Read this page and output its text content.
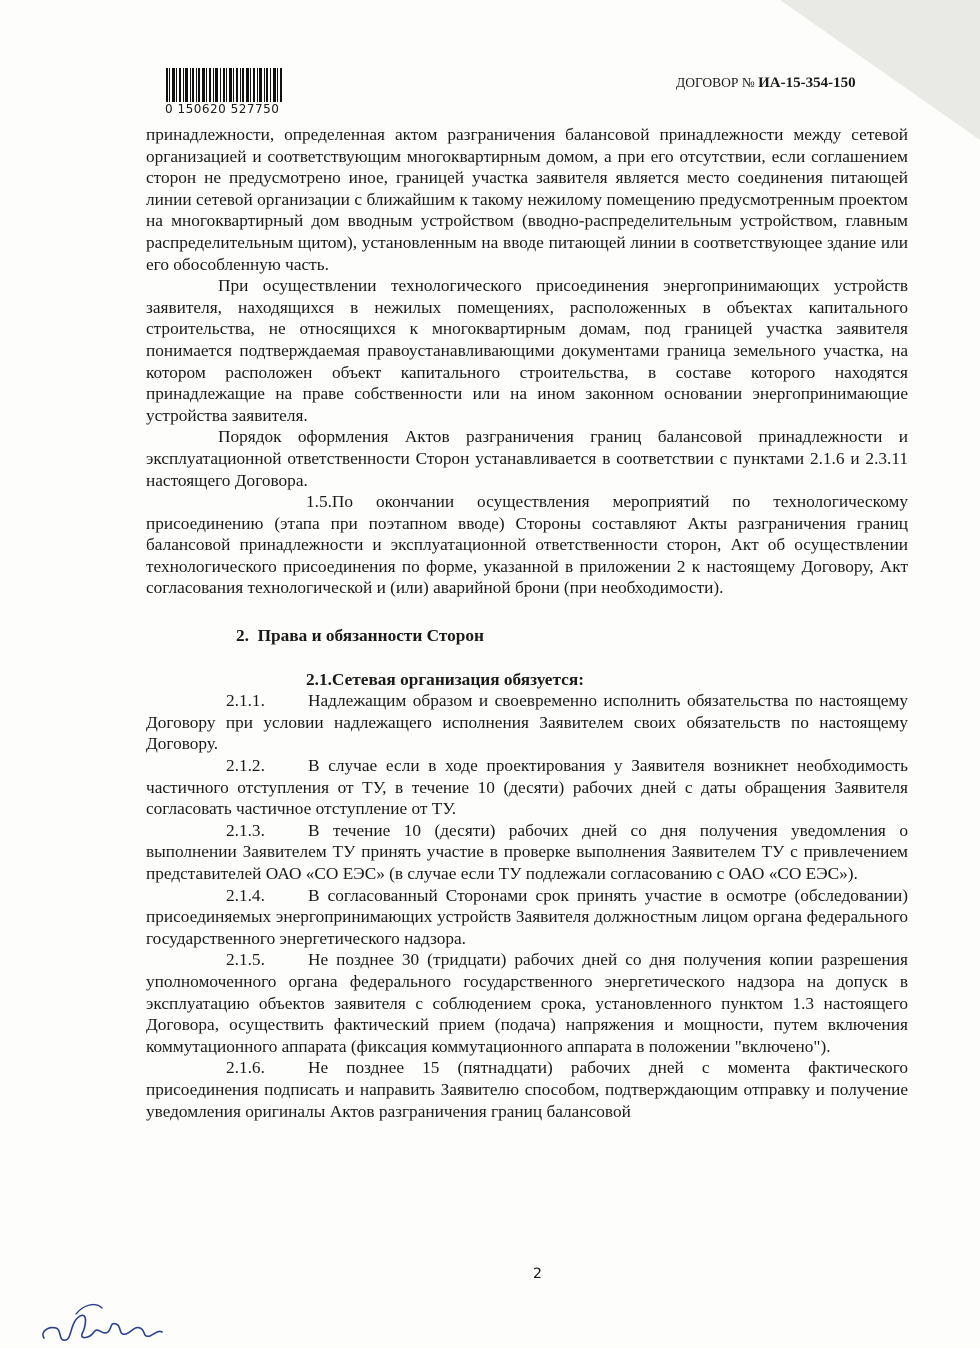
0 150620 527750
ДОГОВОР № ИА-15-354-150

принадлежности, определенная актом разграничения балансовой принадлежности между сетевой организацией и соответствующим многоквартирным домом, а при его отсутствии, если соглашением сторон не предусмотрено иное, границей участка заявителя является место соединения питающей линии сетевой организации с ближайшим к такому нежилому помещению предусмотренным проектом на многоквартирный дом вводным устройством (вводно-распределительным устройством, главным распределительным щитом), установленным на вводе питающей линии в соответствующее здание или его обособленную часть.

При осуществлении технологического присоединения энергопринимающих устройств заявителя, находящихся в нежилых помещениях, расположенных в объектах капитального строительства, не относящихся к многоквартирным домам, под границей участка заявителя понимается подтверждаемая правоустанавливающими документами граница земельного участка, на котором расположен объект капитального строительства, в составе которого находятся принадлежащие на праве собственности или на ином законном основании энергопринимающие устройства заявителя.

Порядок оформления Актов разграничения границ балансовой принадлежности и эксплуатационной ответственности Сторон устанавливается в соответствии с пунктами 2.1.6 и 2.3.11 настоящего Договора.

1.5.По окончании осуществления мероприятий по технологическому присоединению (этапа при поэтапном вводе) Стороны составляют Акты разграничения границ балансовой принадлежности и эксплуатационной ответственности сторон, Акт об осуществлении технологического присоединения по форме, указанной в приложении 2 к настоящему Договору, Акт согласования технологической и (или) аварийной брони (при необходимости).

2. Права и обязанности Сторон

2.1.Сетевая организация обязуется:

2.1.1. Надлежащим образом и своевременно исполнить обязательства по настоящему Договору при условии надлежащего исполнения Заявителем своих обязательств по настоящему Договору.

2.1.2. В случае если в ходе проектирования у Заявителя возникнет необходимость частичного отступления от ТУ, в течение 10 (десяти) рабочих дней с даты обращения Заявителя согласовать частичное отступление от ТУ.

2.1.3. В течение 10 (десяти) рабочих дней со дня получения уведомления о выполнении Заявителем ТУ принять участие в проверке выполнения Заявителем ТУ с привлечением представителей ОАО «СО ЕЭС» (в случае если ТУ подлежали согласованию с ОАО «СО ЕЭС»).

2.1.4. В согласованный Сторонами срок принять участие в осмотре (обследовании) присоединяемых энергопринимающих устройств Заявителя должностным лицом органа федерального государственного энергетического надзора.

2.1.5. Не позднее 30 (тридцати) рабочих дней со дня получения копии разрешения уполномоченного органа федерального государственного энергетического надзора на допуск в эксплуатацию объектов заявителя с соблюдением срока, установленного пунктом 1.3 настоящего Договора, осуществить фактический прием (подача) напряжения и мощности, путем включения коммутационного аппарата (фиксация коммутационного аппарата в положении "включено").

2.1.6. Не позднее 15 (пятнадцати) рабочих дней с момента фактического присоединения подписать и направить Заявителю способом, подтверждающим отправку и получение уведомления оригиналы Актов разграничения границ балансовой

2
